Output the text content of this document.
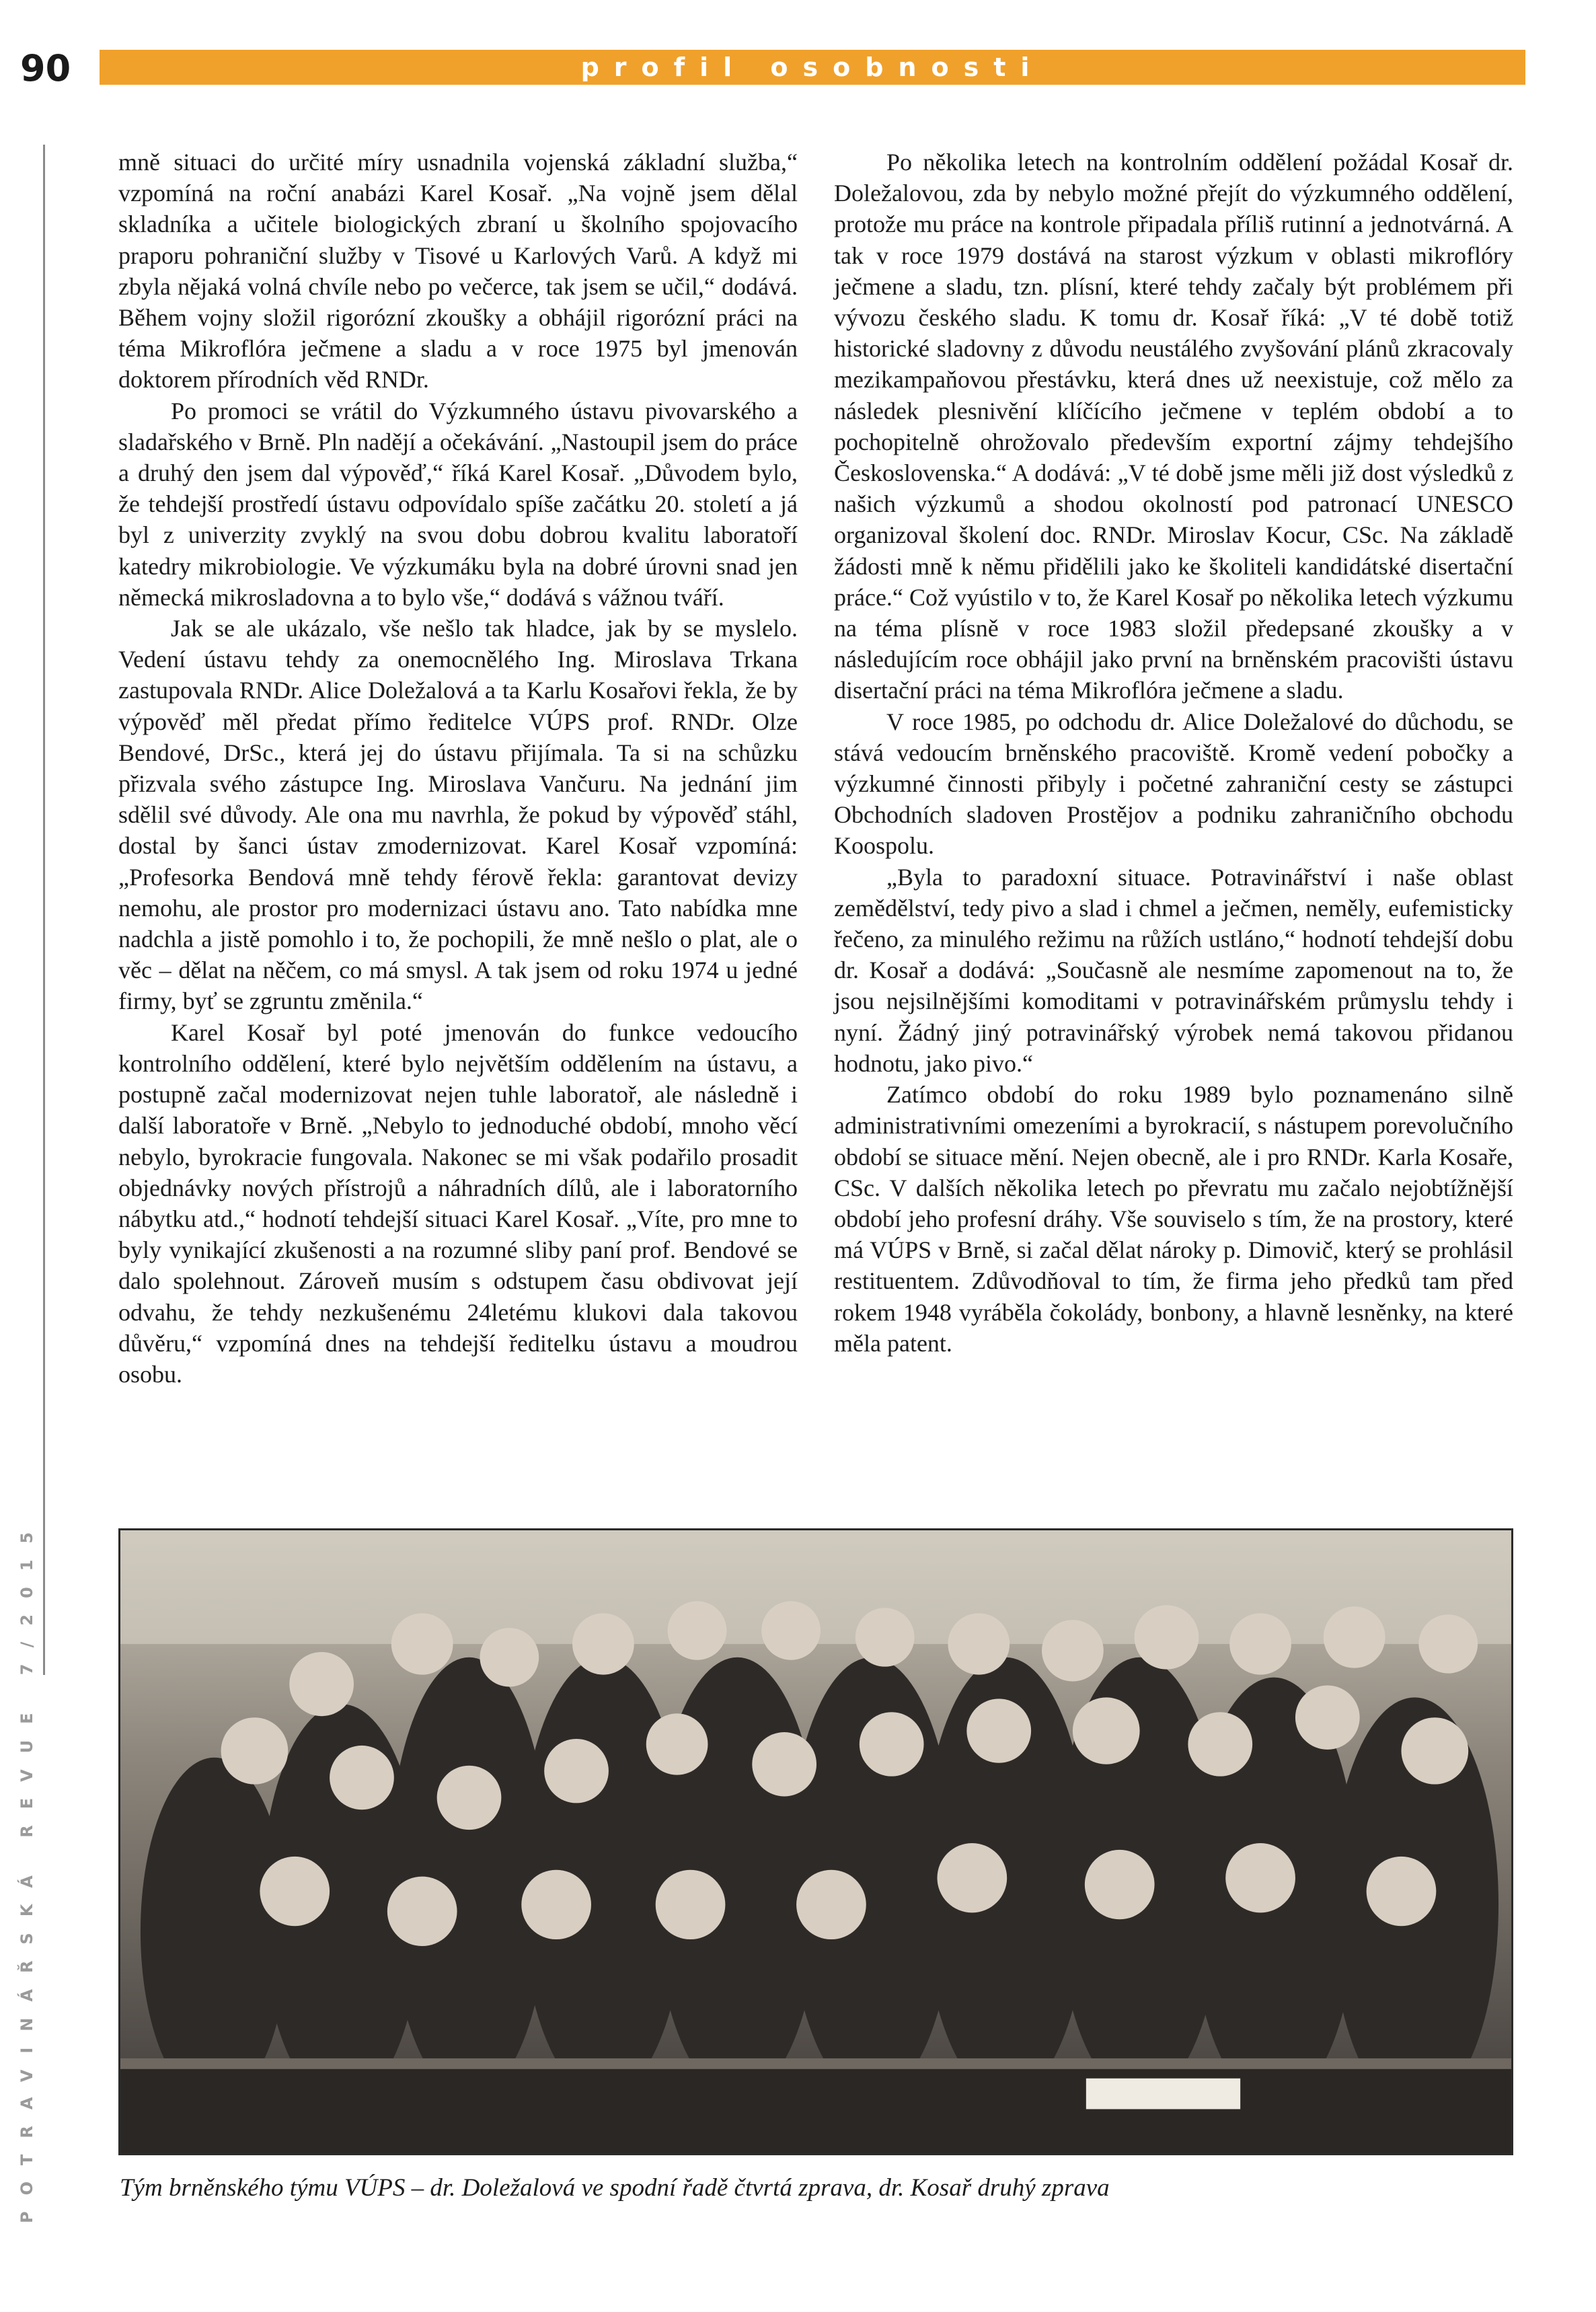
90	profil osobnosti
POTRAVINÁŘSKÁ REVUE 7/2015

mně situaci do určité míry usnadnila vojenská základní služba,“ vzpomíná na roční anabázi Karel Kosař. „Na vojně jsem dělal skladníka a učitele biologických zbraní u školního spojovacího praporu pohraniční služby v Tisové u Karlových Varů. A když mi zbyla nějaká volná chvíle nebo po večerce, tak jsem se učil,“ dodává. Během vojny složil rigorózní zkoušky a obhájil rigorózní práci na téma Mikroflóra ječmene a sladu a v roce 1975 byl jmenován doktorem přírodních věd RNDr.

Po promoci se vrátil do Výzkumného ústavu pivovarského a sladařského v Brně. Pln nadějí a očekávání. „Nastoupil jsem do práce a druhý den jsem dal výpověď,“ říká Karel Kosař. „Důvodem bylo, že tehdejší prostředí ústavu odpovídalo spíše začátku 20. století a já byl z univerzity zvyklý na svou dobu dobrou kvalitu laboratoří katedry mikrobiologie. Ve výzkumáku byla na dobré úrovni snad jen německá mikrosladovna a to bylo vše,“ dodává s vážnou tváří.

Jak se ale ukázalo, vše nešlo tak hladce, jak by se myslelo. Vedení ústavu tehdy za onemocnělého Ing. Miroslava Trkana zastupovala RNDr. Alice Doležalová a ta Karlu Kosařovi řekla, že by výpověď měl předat přímo ředitelce VÚPS prof. RNDr. Olze Bendové, DrSc., která jej do ústavu přijímala. Ta si na schůzku přizvala svého zástupce Ing. Miroslava Vančuru. Na jednání jim sdělil své důvody. Ale ona mu navrhla, že pokud by výpověď stáhl, dostal by šanci ústav zmodernizovat. Karel Kosař vzpomíná: „Profesorka Bendová mně tehdy férově řekla: garantovat devizy nemohu, ale prostor pro modernizaci ústavu ano. Tato nabídka mne nadchla a jistě pomohlo i to, že pochopili, že mně nešlo o plat, ale o věc – dělat na něčem, co má smysl. A tak jsem od roku 1974 u jedné firmy, byť se zgruntu změnila.“

Karel Kosař byl poté jmenován do funkce vedoucího kontrolního oddělení, které bylo největším oddělením na ústavu, a postupně začal modernizovat nejen tuhle laboratoř, ale následně i další laboratoře v Brně. „Nebylo to jednoduché období, mnoho věcí nebylo, byrokracie fungovala. Nakonec se mi však podařilo prosadit objednávky nových přístrojů a náhradních dílů, ale i laboratorního nábytku atd.,“ hodnotí tehdejší situaci Karel Kosař. „Víte, pro mne to byly vynikající zkušenosti a na rozumné sliby paní prof. Bendové se dalo spolehnout. Zároveň musím s odstupem času obdivovat její odvahu, že tehdy nezkušenému 24letému klukovi dala takovou důvěru,“ vzpomíná dnes na tehdejší ředitelku ústavu a moudrou osobu.

Po několika letech na kontrolním oddělení požádal Kosař dr. Doležalovou, zda by nebylo možné přejít do výzkumného oddělení, protože mu práce na kontrole připadala příliš rutinní a jednotvárná. A tak v roce 1979 dostává na starost výzkum v oblasti mikroflóry ječmene a sladu, tzn. plísní, které tehdy začaly být problémem při vývozu českého sladu. K tomu dr. Kosař říká: „V té době totiž historické sladovny z důvodu neustálého zvyšování plánů zkracovaly mezikampaňovou přestávku, která dnes už neexistuje, což mělo za následek plesnivění klíčícího ječmene v teplém období a to pochopitelně ohrožovalo především exportní zájmy tehdejšího Československa.“ A dodává: „V té době jsme měli již dost výsledků z našich výzkumů a shodou okolností pod patronací UNESCO organizoval školení doc. RNDr. Miroslav Kocur, CSc. Na základě žádosti mně k němu přidělili jako ke školiteli kandidátské disertační práce.“ Což vyústilo v to, že Karel Kosař po několika letech výzkumu na téma plísně v roce 1983 složil předepsané zkoušky a v následujícím roce obhájil jako první na brněnském pracovišti ústavu disertační práci na téma Mikroflóra ječmene a sladu.

V roce 1985, po odchodu dr. Alice Doležalové do důchodu, se stává vedoucím brněnského pracoviště. Kromě vedení pobočky a výzkumné činnosti přibyly i početné zahraniční cesty se zástupci Obchodních sladoven Prostějov a podniku zahraničního obchodu Koospolu.

„Byla to paradoxní situace. Potravinářství i naše oblast zemědělství, tedy pivo a slad i chmel a ječmen, neměly, eufemisticky řečeno, za minulého režimu na růžích ustláno,“ hodnotí tehdejší dobu dr. Kosař a dodává: „Současně ale nesmíme zapomenout na to, že jsou nejsilnějšími komoditami v potravinářském průmyslu tehdy i nyní. Žádný jiný potravinářský výrobek nemá takovou přidanou hodnotu, jako pivo.“

Zatímco období do roku 1989 bylo poznamenáno silně administrativními omezeními a byrokracií, s nástupem porevolučního období se situace mění. Nejen obecně, ale i pro RNDr. Karla Kosaře, CSc. V dalších několika letech po převratu mu začalo nejobtížnější období jeho profesní dráhy. Vše souviselo s tím, že na prostory, které má VÚPS v Brně, si začal dělat nároky p. Dimovič, který se prohlásil restituentem. Zdůvodňoval to tím, že firma jeho předků tam před rokem 1948 vyráběla čokolády, bonbony, a hlavně lesněnky, na které měla patent.

Tým brněnského týmu VÚPS – dr. Doležalová ve spodní řadě čtvrtá zprava, dr. Kosař druhý zprava
